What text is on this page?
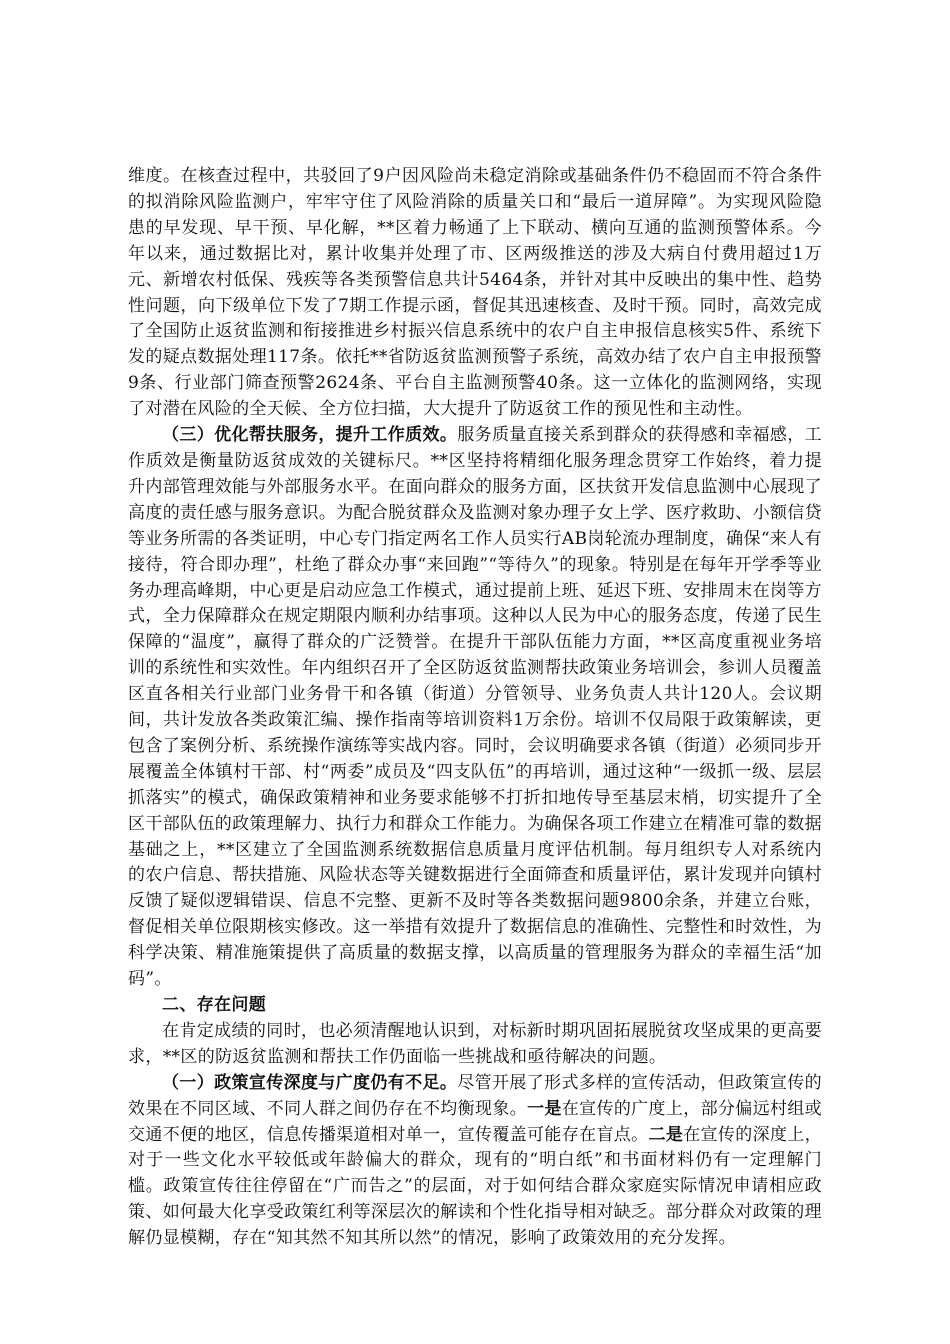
维度。在核查过程中，共驳回了9户因风险尚未稳定消除或基础条件仍不稳固而不符合条件的拟消除风险监测户，牢牢守住了风险消除的质量关口和“最后一道屏障”。为实现风险隐患的早发现、早干预、早化解，**区着力畅通了上下联动、横向互通的监测预警体系。今年以来，通过数据比对，累计收集并处理了市、区两级推送的涉及大病自付费用超过1万元、新增农村低保、残疾等各类预警信息共计5464条，并针对其中反映出的集中性、趋势性问题，向下级单位下发了7期工作提示函，督促其迅速核查、及时干预。同时，高效完成了全国防止返贫监测和衔接推进乡村振兴信息系统中的农户自主申报信息核实5件、系统下发的疑点数据处理117条。依托**省防返贫监测预警子系统，高效办结了农户自主申报预警9条、行业部门筛查预警2624条、平台自主监测预警40条。这一立体化的监测网络，实现了对潜在风险的全天候、全方位扫描，大大提升了防返贫工作的预见性和主动性。

（三）优化帮扶服务，提升工作质效。服务质量直接关系到群众的获得感和幸福感，工作质效是衡量防返贫成效的关键标尺。**区坚持将精细化服务理念贯穿工作始终，着力提升内部管理效能与外部服务水平。在面向群众的服务方面，区扶贫开发信息监测中心展现了高度的责任感与服务意识。为配合脱贫群众及监测对象办理子女上学、医疗救助、小额信贷等业务所需的各类证明，中心专门指定两名工作人员实行AB岗轮流办理制度，确保“来人有接待，符合即办理”，杜绝了群众办事“来回跑”“等待久”的现象。特别是在每年开学季等业务办理高峰期，中心更是启动应急工作模式，通过提前上班、延迟下班、安排周末在岗等方式，全力保障群众在规定期限内顺利办结事项。这种以人民为中心的服务态度，传递了民生保障的“温度”，赢得了群众的广泛赞誉。在提升干部队伍能力方面，**区高度重视业务培训的系统性和实效性。年内组织召开了全区防返贫监测帮扶政策业务培训会，参训人员覆盖区直各相关行业部门业务骨干和各镇（街道）分管领导、业务负责人共计120人。会议期间，共计发放各类政策汇编、操作指南等培训资料1万余份。培训不仅局限于政策解读，更包含了案例分析、系统操作演练等实战内容。同时，会议明确要求各镇（街道）必须同步开展覆盖全体镇村干部、村“两委”成员及“四支队伍”的再培训，通过这种“一级抓一级、层层抓落实”的模式，确保政策精神和业务要求能够不打折扣地传导至基层末梢，切实提升了全区干部队伍的政策理解力、执行力和群众工作能力。为确保各项工作建立在精准可靠的数据基础之上，**区建立了全国监测系统数据信息质量月度评估机制。每月组织专人对系统内的农户信息、帮扶措施、风险状态等关键数据进行全面筛查和质量评估，累计发现并向镇村反馈了疑似逻辑错误、信息不完整、更新不及时等各类数据问题9800余条，并建立台账，督促相关单位限期核实修改。这一举措有效提升了数据信息的准确性、完整性和时效性，为科学决策、精准施策提供了高质量的数据支撑，以高质量的管理服务为群众的幸福生活“加码”。

二、存在问题

在肯定成绩的同时，也必须清醒地认识到，对标新时期巩固拓展脱贫攻坚成果的更高要求，**区的防返贫监测和帮扶工作仍面临一些挑战和亟待解决的问题。

（一）政策宣传深度与广度仍有不足。尽管开展了形式多样的宣传活动，但政策宣传的效果在不同区域、不同人群之间仍存在不均衡现象。一是在宣传的广度上，部分偏远村组或交通不便的地区，信息传播渠道相对单一，宣传覆盖可能存在盲点。二是在宣传的深度上，对于一些文化水平较低或年龄偏大的群众，现有的“明白纸”和书面材料仍有一定理解门槛。政策宣传往往停留在“广而告之”的层面，对于如何结合群众家庭实际情况申请相应政策、如何最大化享受政策红利等深层次的解读和个性化指导相对缺乏。部分群众对政策的理解仍显模糊，存在“知其然不知其所以然”的情况，影响了政策效用的充分发挥。
